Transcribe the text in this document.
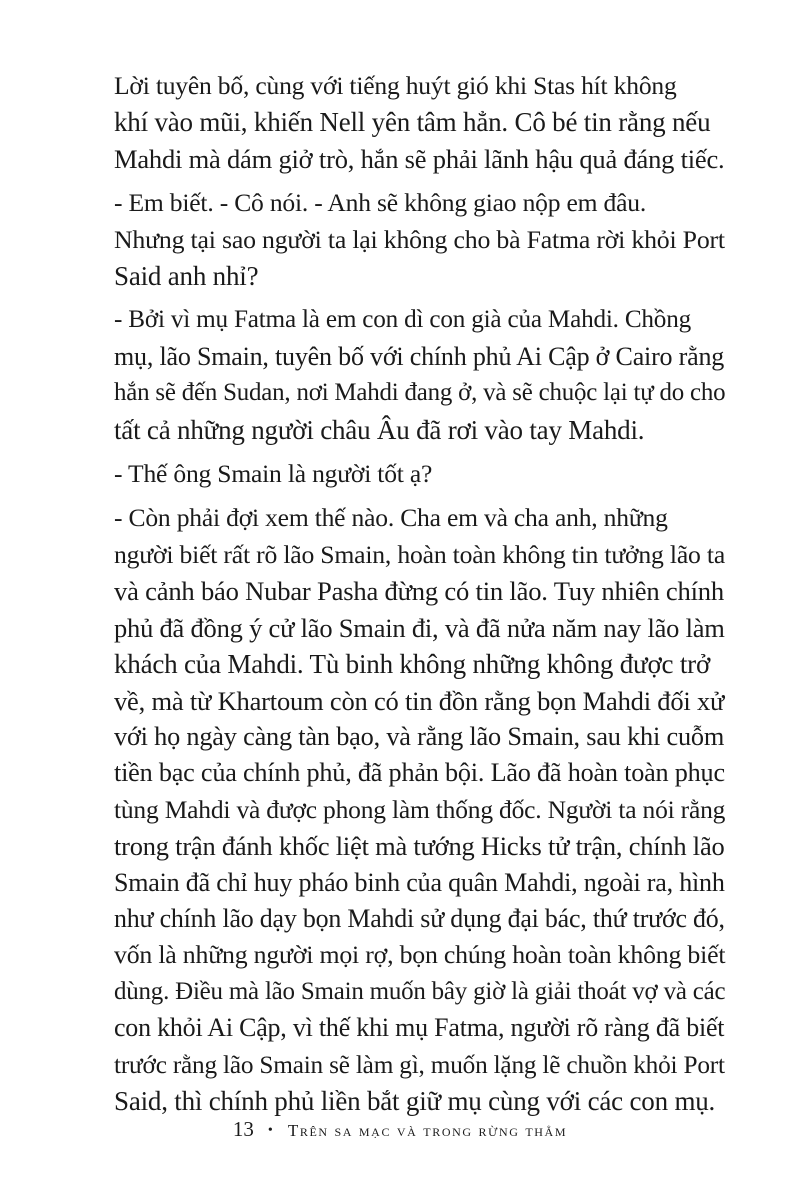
Lời tuyên bố, cùng với tiếng huýt gió khi Stas hít không
khí vào mũi, khiến Nell yên tâm hẳn. Cô bé tin rằng nếu
Mahdi mà dám giở trò, hắn sẽ phải lãnh hậu quả đáng tiếc.

- Em biết. - Cô nói. - Anh sẽ không giao nộp em đâu.
Nhưng tại sao người ta lại không cho bà Fatma rời khỏi Port
Said anh nhỉ?

- Bởi vì mụ Fatma là em con dì con già của Mahdi. Chồng
mụ, lão Smain, tuyên bố với chính phủ Ai Cập ở Cairo rằng
hắn sẽ đến Sudan, nơi Mahdi đang ở, và sẽ chuộc lại tự do cho
tất cả những người châu Âu đã rơi vào tay Mahdi.

- Thế ông Smain là người tốt ạ?

- Còn phải đợi xem thế nào. Cha em và cha anh, những
người biết rất rõ lão Smain, hoàn toàn không tin tưởng lão ta
và cảnh báo Nubar Pasha đừng có tin lão. Tuy nhiên chính
phủ đã đồng ý cử lão Smain đi, và đã nửa năm nay lão làm
khách của Mahdi. Tù binh không những không được trở
về, mà từ Khartoum còn có tin đồn rằng bọn Mahdi đối xử
với họ ngày càng tàn bạo, và rằng lão Smain, sau khi cuỗm
tiền bạc của chính phủ, đã phản bội. Lão đã hoàn toàn phục
tùng Mahdi và được phong làm thống đốc. Người ta nói rằng
trong trận đánh khốc liệt mà tướng Hicks tử trận, chính lão
Smain đã chỉ huy pháo binh của quân Mahdi, ngoài ra, hình
như chính lão dạy bọn Mahdi sử dụng đại bác, thứ trước đó,
vốn là những người mọi rợ, bọn chúng hoàn toàn không biết
dùng. Điều mà lão Smain muốn bây giờ là giải thoát vợ và các
con khỏi Ai Cập, vì thế khi mụ Fatma, người rõ ràng đã biết
trước rằng lão Smain sẽ làm gì, muốn lặng lẽ chuồn khỏi Port
Said, thì chính phủ liền bắt giữ mụ cùng với các con mụ.

13 • Trên sa mạc và trong rừng thẳm
